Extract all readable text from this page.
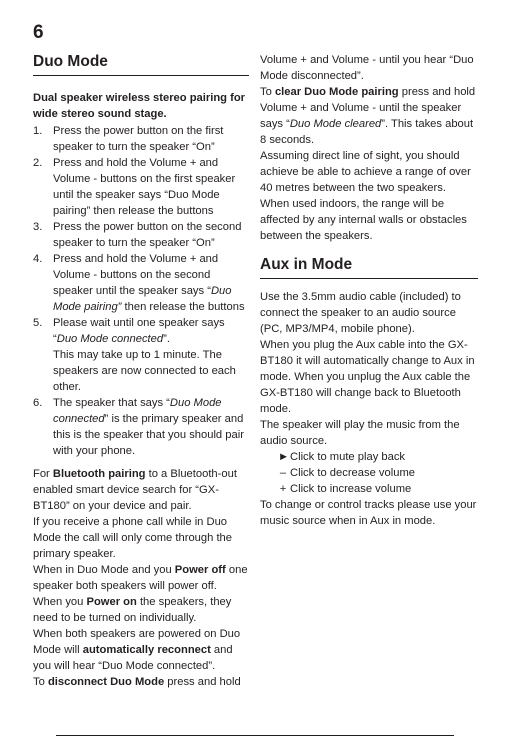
6
Duo Mode

Dual speaker wireless stereo pairing for wide stereo sound stage.

1. Press the power button on the first speaker to turn the speaker “On”
2. Press and hold the Volume + and Volume - buttons on the first speaker until the speaker says “Duo Mode pairing” then release the buttons
3. Press the power button on the second speaker to turn the speaker “On”
4. Press and hold the Volume + and Volume - buttons on the second speaker until the speaker says “Duo Mode pairing” then release the buttons
5. Please wait until one speaker says “Duo Mode connected”.
This may take up to 1 minute. The speakers are now connected to each other.
6. The speaker that says “Duo Mode connected” is the primary speaker and this is the speaker that you should pair with your phone.

For Bluetooth pairing to a Bluetooth-out enabled smart device search for “GX-BT180” on your device and pair.

If you receive a phone call while in Duo Mode the call will only come through the primary speaker.

When in Duo Mode and you Power off one speaker both speakers will power off.

When you Power on the speakers, they need to be turned on individually.

When both speakers are powered on Duo Mode will automatically reconnect and you will hear “Duo Mode connected”.

To disconnect Duo Mode press and hold

Volume + and Volume - until you hear “Duo Mode disconnected”.

To clear Duo Mode pairing press and hold Volume + and Volume - until the speaker says “Duo Mode cleared”. This takes about 8 seconds.

Assuming direct line of sight, you should achieve be able to achieve a range of over 40 metres between the two speakers.

When used indoors, the range will be affected by any internal walls or obstacles between the speakers.

Aux in Mode

Use the 3.5mm audio cable (included) to connect the speaker to an audio source (PC, MP3/MP4, mobile phone).

When you plug the Aux cable into the GX-BT180 it will automatically change to Aux in mode. When you unplug the Aux cable the GX-BT180 will change back to Bluetooth mode.

The speaker will play the music from the audio source.

► Click to mute play back
– Click to decrease volume
+ Click to increase volume

To change or control tracks please use your music source when in Aux in mode.
